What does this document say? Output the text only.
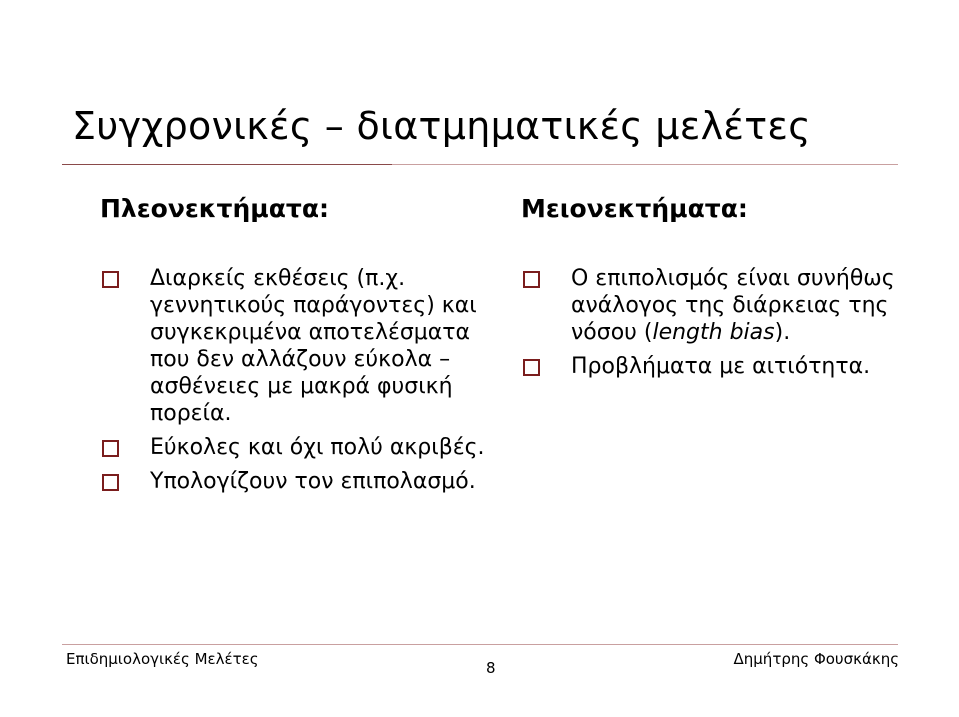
Συγχρονικές – διατμηματικές μελέτες
Πλεονεκτήματα:	Μειονεκτήματα:
Διαρκείς εκθέσεις (π.χ. γεννητικούς παράγοντες) και συγκεκριμένα αποτελέσματα που δεν αλλάζουν εύκολα – ασθένειες με μακρά φυσική πορεία.
Εύκολες και όχι πολύ ακριβές.
Υπολογίζουν τον επιπολασμό.
Ο επιπολισμός είναι συνήθως ανάλογος της διάρκειας της νόσου (length bias).
Προβλήματα με αιτιότητα.
Επιδημιολογικές Μελέτες	8	Δημήτρης Φουσκάκης
